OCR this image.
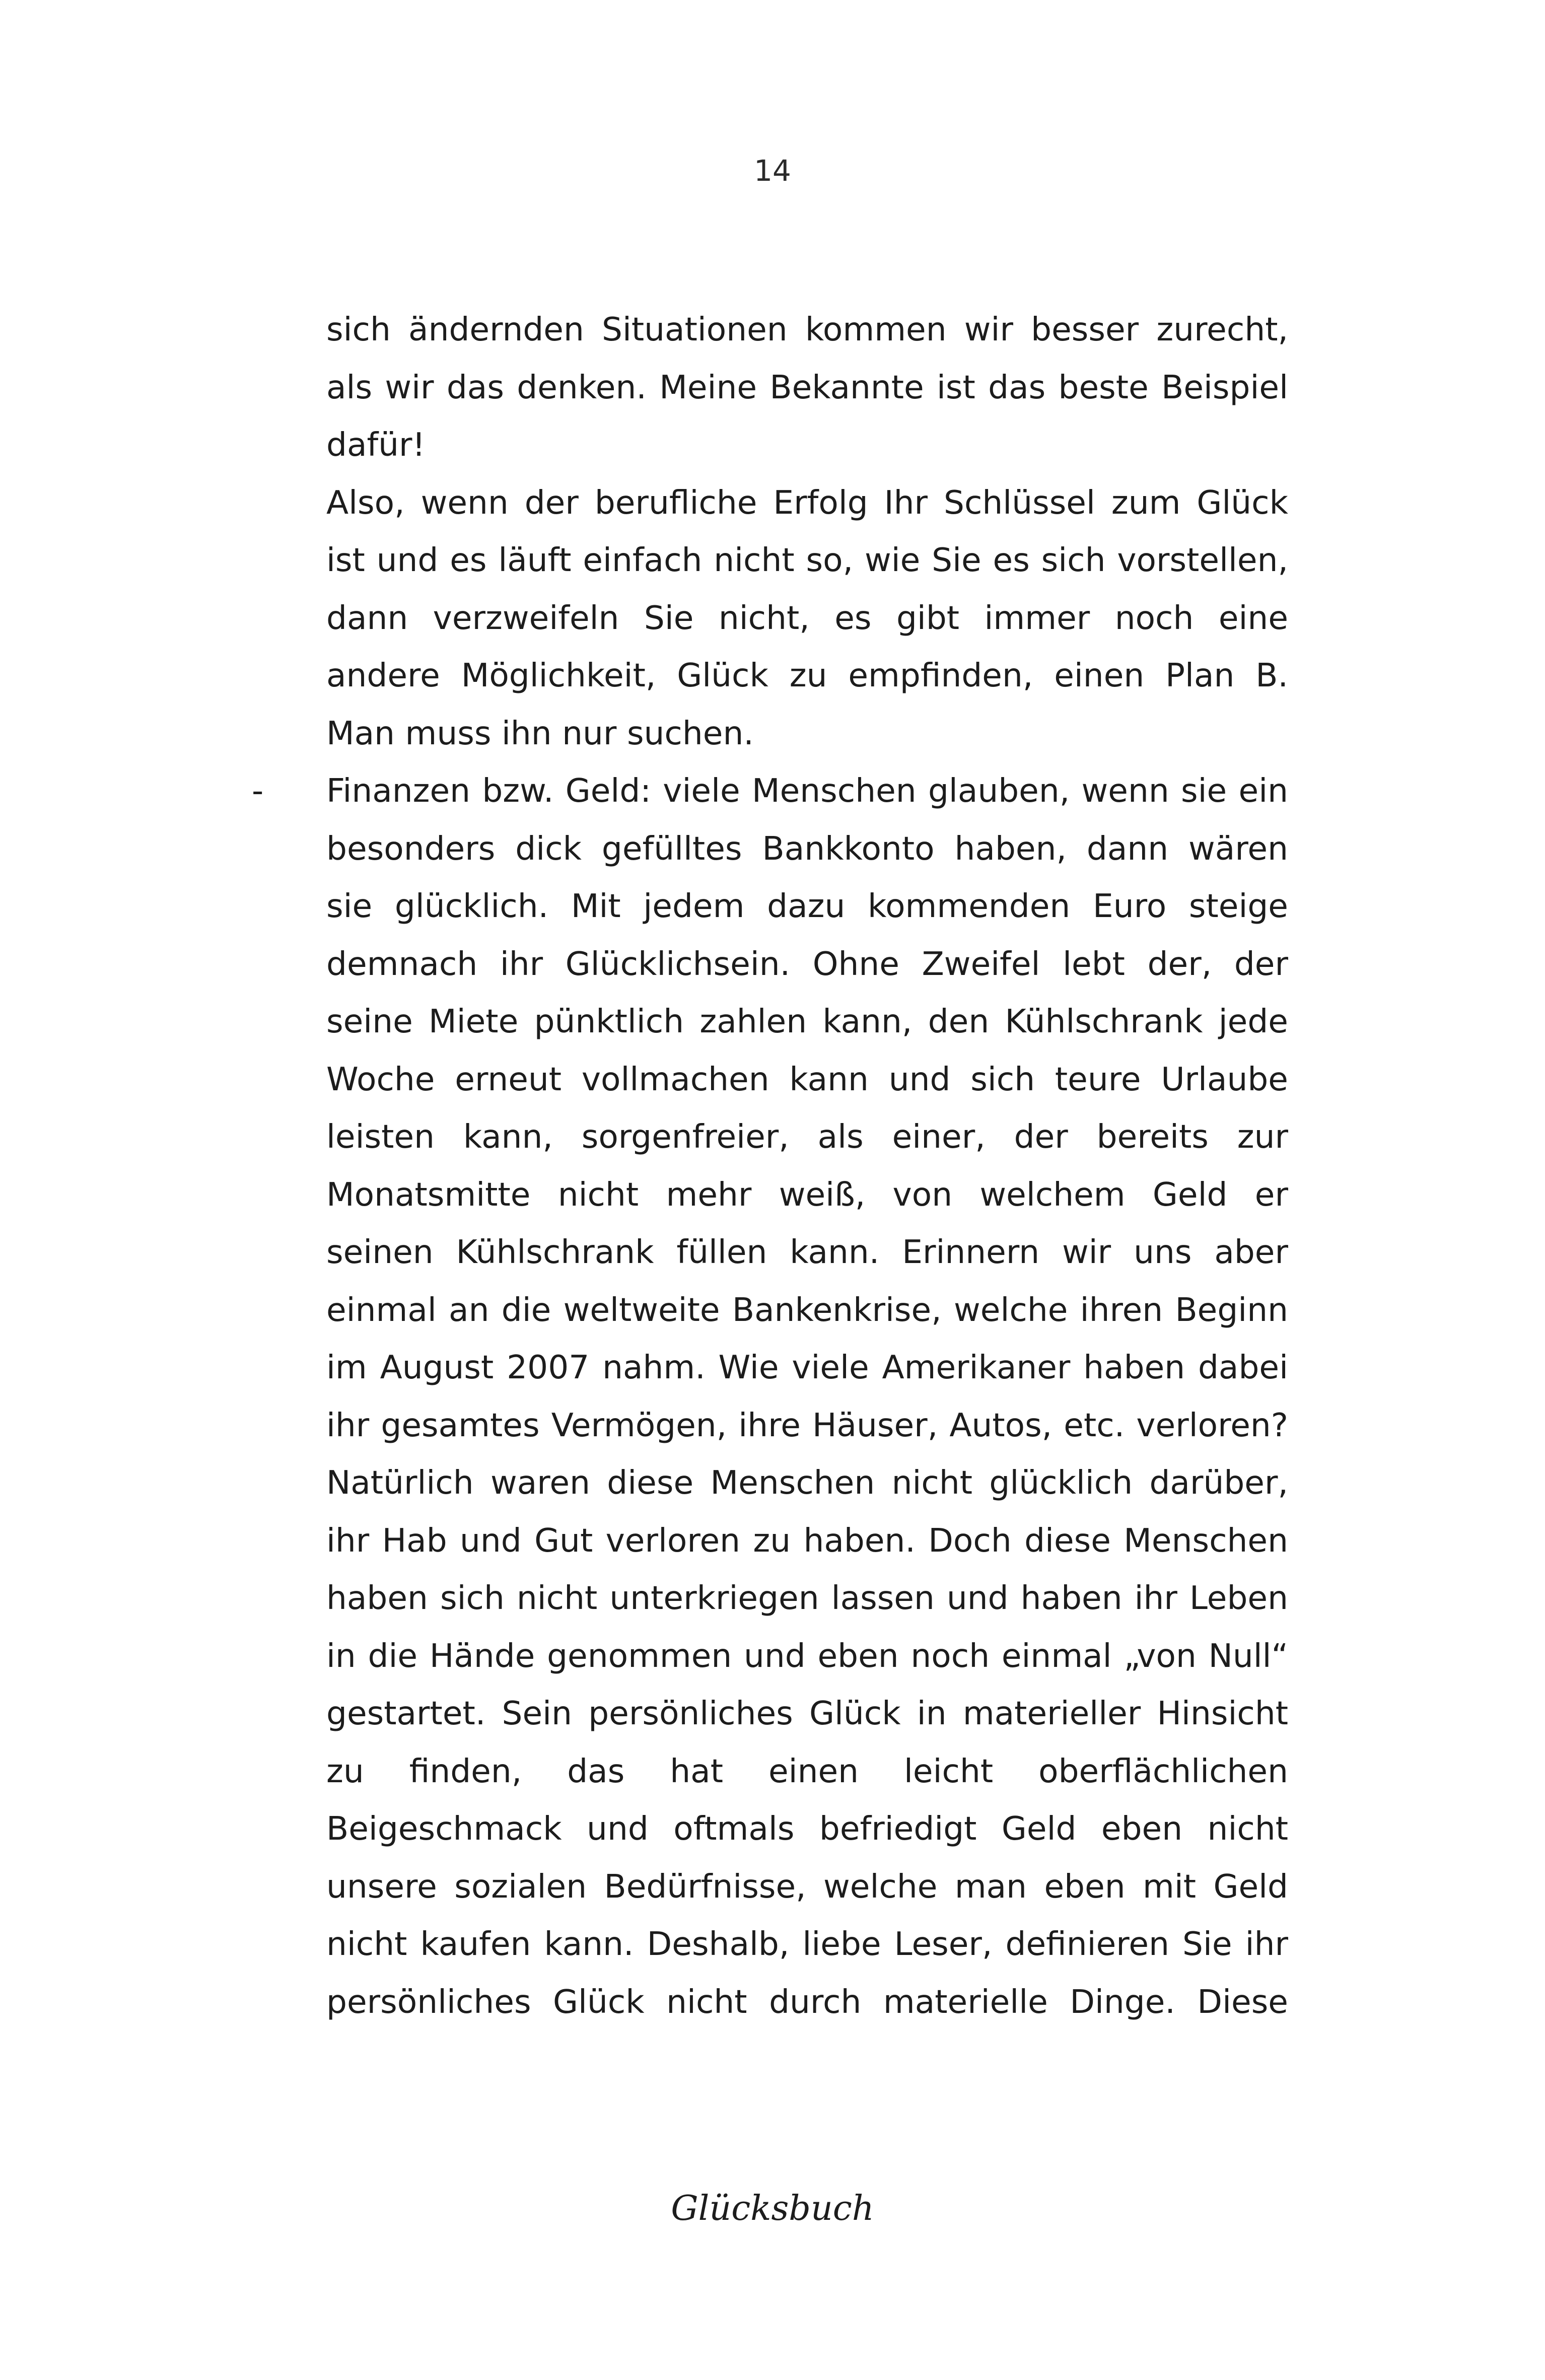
14
sich ändernden Situationen kommen wir besser zurecht,
als wir das denken. Meine Bekannte ist das beste Beispiel
dafür!
Also, wenn der berufliche Erfolg Ihr Schlüssel zum Glück
ist und es läuft einfach nicht so, wie Sie es sich vorstellen,
dann verzweifeln Sie nicht, es gibt immer noch eine
andere Möglichkeit, Glück zu empfinden, einen Plan B.
Man muss ihn nur suchen.
- Finanzen bzw. Geld: viele Menschen glauben, wenn sie ein
besonders dick gefülltes Bankkonto haben, dann wären
sie glücklich. Mit jedem dazu kommenden Euro steige
demnach ihr Glücklichsein. Ohne Zweifel lebt der, der
seine Miete pünktlich zahlen kann, den Kühlschrank jede
Woche erneut vollmachen kann und sich teure Urlaube
leisten kann, sorgenfreier, als einer, der bereits zur
Monatsmitte nicht mehr weiß, von welchem Geld er
seinen Kühlschrank füllen kann. Erinnern wir uns aber
einmal an die weltweite Bankenkrise, welche ihren Beginn
im August 2007 nahm. Wie viele Amerikaner haben dabei
ihr gesamtes Vermögen, ihre Häuser, Autos, etc. verloren?
Natürlich waren diese Menschen nicht glücklich darüber,
ihr Hab und Gut verloren zu haben. Doch diese Menschen
haben sich nicht unterkriegen lassen und haben ihr Leben
in die Hände genommen und eben noch einmal „von Null“
gestartet. Sein persönliches Glück in materieller Hinsicht
zu finden, das hat einen leicht oberflächlichen
Beigeschmack und oftmals befriedigt Geld eben nicht
unsere sozialen Bedürfnisse, welche man eben mit Geld
nicht kaufen kann. Deshalb, liebe Leser, definieren Sie ihr
persönliches Glück nicht durch materielle Dinge. Diese
Glücksbuch
